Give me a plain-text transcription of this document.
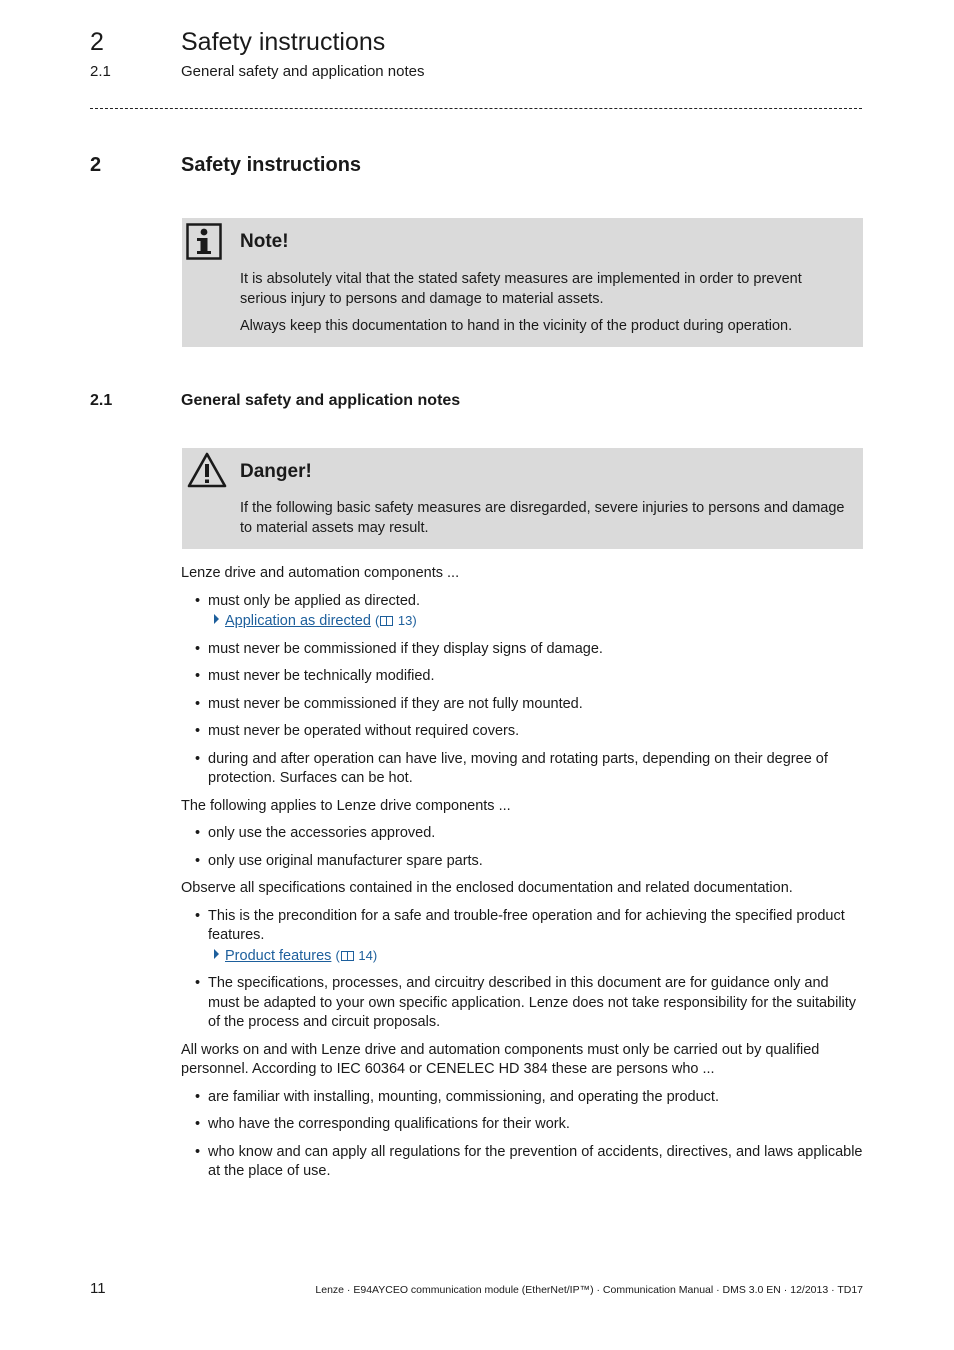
2	Safety instructions
2.1	General safety and application notes
2	Safety instructions
Note!
It is absolutely vital that the stated safety measures are implemented in order to prevent serious injury to persons and damage to material assets.
Always keep this documentation to hand in the vicinity of the product during operation.
2.1	General safety and application notes
Danger!
If the following basic safety measures are disregarded, severe injuries to persons and damage to material assets may result.

Lenze drive and automation components ...

• must only be applied as directed.
Application as directed ( 13)
• must never be commissioned if they display signs of damage.
• must never be technically modified.
• must never be commissioned if they are not fully mounted.
• must never be operated without required covers.
• during and after operation can have live, moving and rotating parts, depending on their degree of protection. Surfaces can be hot.

The following applies to Lenze drive components ...

• only use the accessories approved.
• only use original manufacturer spare parts.

Observe all specifications contained in the enclosed documentation and related documentation.

• This is the precondition for a safe and trouble-free operation and for achieving the specified product features.
Product features ( 14)
• The specifications, processes, and circuitry described in this document are for guidance only and must be adapted to your own specific application. Lenze does not take responsibility for the suitability of the process and circuit proposals.

All works on and with Lenze drive and automation components must only be carried out by qualified personnel. According to IEC 60364 or CENELEC HD 384 these are persons who ...

• are familiar with installing, mounting, commissioning, and operating the product.
• who have the corresponding qualifications for their work.
• who know and can apply all regulations for the prevention of accidents, directives, and laws applicable at the place of use.
11	Lenze · E94AYCEO communication module (EtherNet/IP™) · Communication Manual · DMS 3.0 EN · 12/2013 · TD17
